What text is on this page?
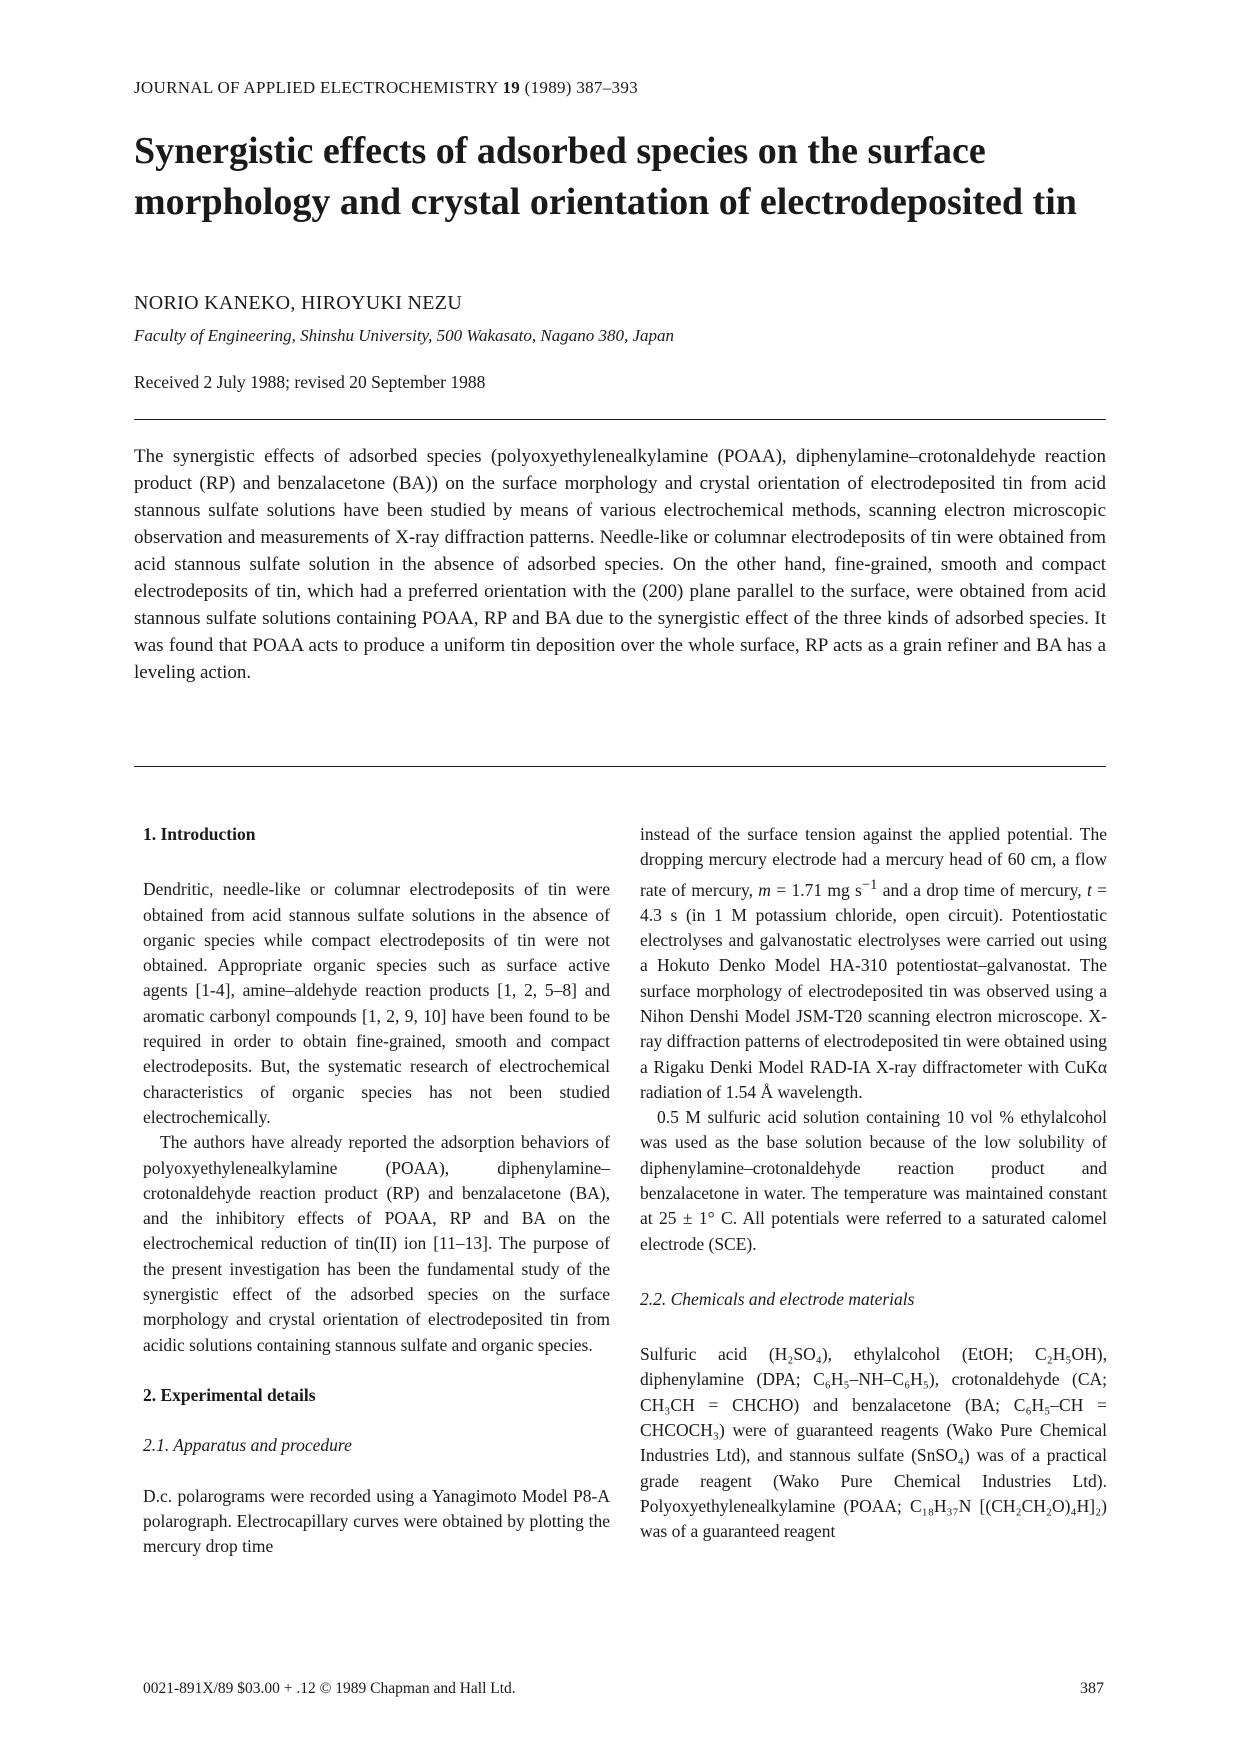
JOURNAL OF APPLIED ELECTROCHEMISTRY 19 (1989) 387–393
Synergistic effects of adsorbed species on the surface morphology and crystal orientation of electrodeposited tin
NORIO KANEKO, HIROYUKI NEZU
Faculty of Engineering, Shinshu University, 500 Wakasato, Nagano 380, Japan
Received 2 July 1988; revised 20 September 1988

The synergistic effects of adsorbed species (polyoxyethylenealkylamine (POAA), diphenylamine–crotonaldehyde reaction product (RP) and benzalacetone (BA)) on the surface morphology and crystal orientation of electrodeposited tin from acid stannous sulfate solutions have been studied by means of various electrochemical methods, scanning electron microscopic observation and measurements of X-ray diffraction patterns. Needle-like or columnar electrodeposits of tin were obtained from acid stannous sulfate solution in the absence of adsorbed species. On the other hand, fine-grained, smooth and compact electrodeposits of tin, which had a preferred orientation with the (200) plane parallel to the surface, were obtained from acid stannous sulfate solutions containing POAA, RP and BA due to the synergistic effect of the three kinds of adsorbed species. It was found that POAA acts to produce a uniform tin deposition over the whole surface, RP acts as a grain refiner and BA has a leveling action.

1. Introduction

Dendritic, needle-like or columnar electrodeposits of tin were obtained from acid stannous sulfate solutions in the absence of organic species while compact electrodeposits of tin were not obtained. Appropriate organic species such as surface active agents [1-4], amine–aldehyde reaction products [1, 2, 5–8] and aromatic carbonyl compounds [1, 2, 9, 10] have been found to be required in order to obtain fine-grained, smooth and compact electrodeposits. But, the systematic research of electrochemical characteristics of organic species has not been studied electrochemically.

The authors have already reported the adsorption behaviors of polyoxyethylenealkylamine (POAA), diphenylamine–crotonaldehyde reaction product (RP) and benzalacetone (BA), and the inhibitory effects of POAA, RP and BA on the electrochemical reduction of tin(II) ion [11–13]. The purpose of the present investigation has been the fundamental study of the synergistic effect of the adsorbed species on the surface morphology and crystal orientation of electrodeposited tin from acidic solutions containing stannous sulfate and organic species.

2. Experimental details

2.1. Apparatus and procedure

D.c. polarograms were recorded using a Yanagimoto Model P8-A polarograph. Electrocapillary curves were obtained by plotting the mercury drop time

instead of the surface tension against the applied potential. The dropping mercury electrode had a mercury head of 60 cm, a flow rate of mercury, m = 1.71 mg $s^{-1}$ and a drop time of mercury, t = 4.3 s (in 1 M potassium chloride, open circuit). Potentiostatic electrolyses and galvanostatic electrolyses were carried out using a Hokuto Denko Model HA-310 potentiostat–galvanostat. The surface morphology of electrodeposited tin was observed using a Nihon Denshi Model JSM-T20 scanning electron microscope. X-ray diffraction patterns of electrodeposited tin were obtained using a Rigaku Denki Model RAD-IA X-ray diffractometer with CuKα radiation of 1.54 Å wavelength.

0.5 M sulfuric acid solution containing 10 vol % ethylalcohol was used as the base solution because of the low solubility of diphenylamine–crotonaldehyde reaction product and benzalacetone in water. The temperature was maintained constant at 25 ± 1° C. All potentials were referred to a saturated calomel electrode (SCE).

2.2. Chemicals and electrode materials

Sulfuric acid (H₂SO₄), ethylalcohol (EtOH; C₂H₅OH), diphenylamine (DPA; C₆H₅–NH–C₆H₅), crotonaldehyde (CA; CH₃CH = CHCHO) and benzalacetone (BA; C₆H₅–CH = CHCOCH₃) were of guaranteed reagents (Wako Pure Chemical Industries Ltd), and stannous sulfate (SnSO₄) was of a practical grade reagent (Wako Pure Chemical Industries Ltd). Polyoxyethylenealkylamine (POAA; C₁₈H₃₇N [(CH₂CH₂O)₄H]₂) was of a guaranteed reagent

0021-891X/89 $03.00 + .12 © 1989 Chapman and Hall Ltd.	387
